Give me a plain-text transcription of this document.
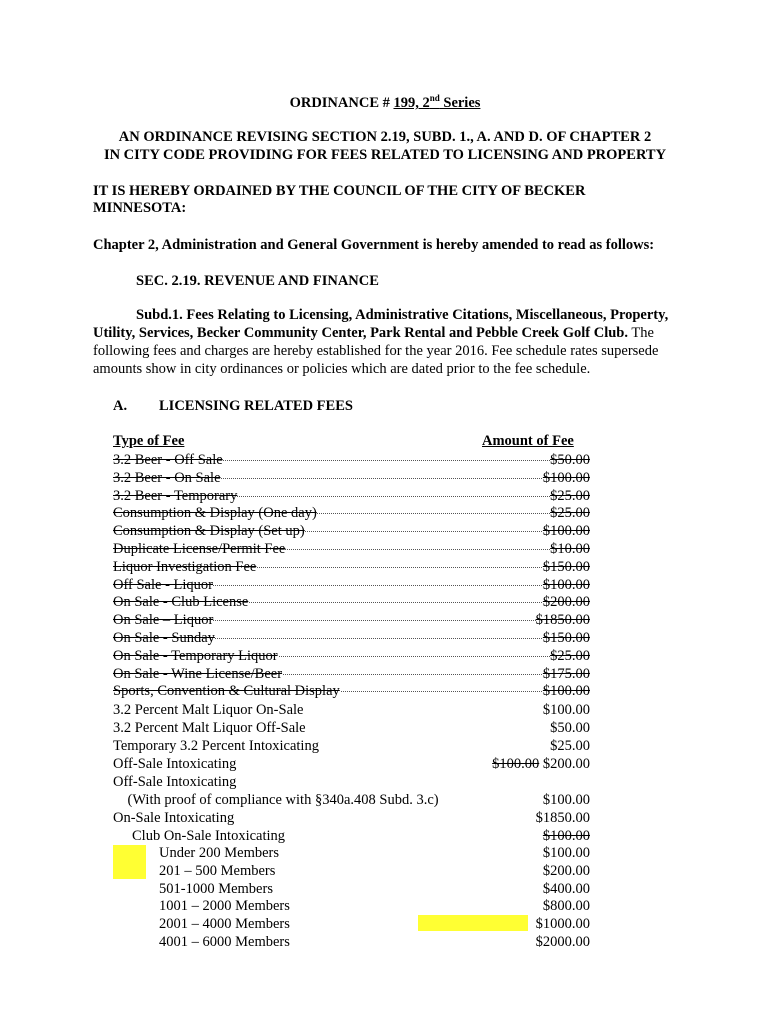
ORDINANCE # 199, 2nd Series
AN ORDINANCE REVISING SECTION 2.19, SUBD. 1., A. AND D. OF CHAPTER 2
IN CITY CODE PROVIDING FOR FEES RELATED TO LICENSING AND PROPERTY
IT IS HEREBY ORDAINED BY THE COUNCIL OF THE CITY OF BECKER
MINNESOTA:
Chapter 2, Administration and General Government is hereby amended to read as follows:
SEC. 2.19. REVENUE AND FINANCE
Subd.1. Fees Relating to Licensing, Administrative Citations, Miscellaneous, Property,
Utility, Services, Becker Community Center, Park Rental and Pebble Creek Golf Club. The
following fees and charges are hereby established for the year 2016. Fee schedule rates supersede
amounts show in city ordinances or policies which are dated prior to the fee schedule.
A. LICENSING RELATED FEES
Type of Fee	Amount of Fee
3.2 Beer - Off Sale	$50.00
3.2 Beer - On Sale	$100.00
3.2 Beer - Temporary	$25.00
Consumption & Display (One day)	$25.00
Consumption & Display (Set up)	$100.00
Duplicate License/Permit Fee	$10.00
Liquor Investigation Fee	$150.00
Off Sale - Liquor	$100.00
On Sale - Club License	$200.00
On Sale – Liquor	$1850.00
On Sale - Sunday	$150.00
On Sale - Temporary Liquor	$25.00
On Sale - Wine License/Beer	$175.00
Sports, Convention & Cultural Display	$100.00
3.2 Percent Malt Liquor On-Sale	$100.00
3.2 Percent Malt Liquor Off-Sale	$50.00
Temporary 3.2 Percent Intoxicating	$25.00
Off-Sale Intoxicating	$100.00 $200.00
Off-Sale Intoxicating
(With proof of compliance with §340a.408 Subd. 3.c)	$100.00
On-Sale Intoxicating	$1850.00
Club On-Sale Intoxicating	$100.00
Under 200 Members	$100.00
201 – 500 Members	$200.00
501-1000 Members	$400.00
1001 – 2000 Members	$800.00
2001 – 4000 Members	$1000.00
4001 – 6000 Members	$2000.00
